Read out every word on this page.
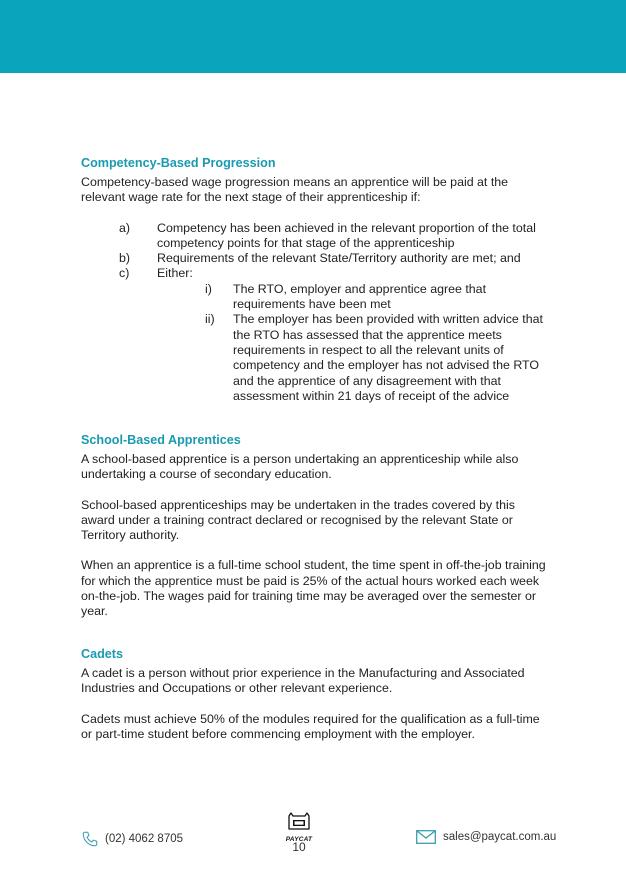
Competency-Based Progression

Competency-based wage progression means an apprentice will be paid at the relevant wage rate for the next stage of their apprenticeship if:

a)	Competency has been achieved in the relevant proportion of the total competency points for that stage of the apprenticeship
b)	Requirements of the relevant State/Territory authority are met; and
c)	Either:
i)	The RTO, employer and apprentice agree that requirements have been met
ii)	The employer has been provided with written advice that the RTO has assessed that the apprentice meets requirements in respect to all the relevant units of competency and the employer has not advised the RTO and the apprentice of any disagreement with that assessment within 21 days of receipt of the advice
School-Based Apprentices

A school-based apprentice is a person undertaking an apprenticeship while also undertaking a course of secondary education.

School-based apprenticeships may be undertaken in the trades covered by this award under a training contract declared or recognised by the relevant State or Territory authority.

When an apprentice is a full-time school student, the time spent in off-the-job training for which the apprentice must be paid is 25% of the actual hours worked each week on-the-job. The wages paid for training time may be averaged over the semester or year.

Cadets

A cadet is a person without prior experience in the Manufacturing and Associated Industries and Occupations or other relevant experience.

Cadets must achieve 50% of the modules required for the qualification as a full-time or part-time student before commencing employment with the employer.

(02) 4062 8705	PAYCAT
10
sales@paycat.com.au
